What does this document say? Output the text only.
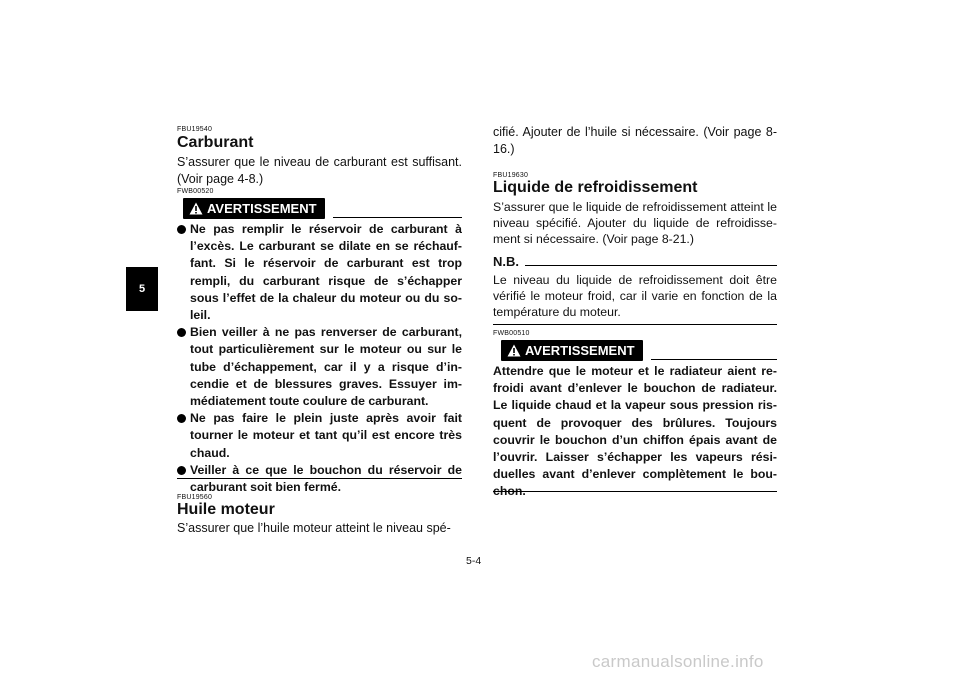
5
FBU19540
Carburant
S’assurer que le niveau de carburant est suffisant. (Voir page 4-8.)
FWB00520
AVERTISSEMENT
Ne pas remplir le réservoir de carburant à l’excès. Le carburant se dilate en se réchauf-fant. Si le réservoir de carburant est trop rempli, du carburant risque de s’échapper sous l’effet de la chaleur du moteur ou du so-leil.
Bien veiller à ne pas renverser de carburant, tout particulièrement sur le moteur ou sur le tube d’échappement, car il y a risque d’in-cendie et de blessures graves. Essuyer im-médiatement toute coulure de carburant.
Ne pas faire le plein juste après avoir fait tourner le moteur et tant qu’il est encore très chaud.
Veiller à ce que le bouchon du réservoir de carburant soit bien fermé.
FBU19560
Huile moteur
S’assurer que l’huile moteur atteint le niveau spé-
cifié. Ajouter de l’huile si nécessaire. (Voir page 8-16.)
FBU19630
Liquide de refroidissement
S’assurer que le liquide de refroidissement atteint le niveau spécifié. Ajouter du liquide de refroidisse-ment si nécessaire. (Voir page 8-21.)
N.B.
Le niveau du liquide de refroidissement doit être vérifié le moteur froid, car il varie en fonction de la température du moteur.
FWB00510
AVERTISSEMENT
Attendre que le moteur et le radiateur aient re-froidi avant d’enlever le bouchon de radiateur. Le liquide chaud et la vapeur sous pression ris-quent de provoquer des brûlures. Toujours couvrir le bouchon d’un chiffon épais avant de l’ouvrir. Laisser s’échapper les vapeurs rési-duelles avant d’enlever complètement le bou-chon.
5-4
carmanualsonline.info
